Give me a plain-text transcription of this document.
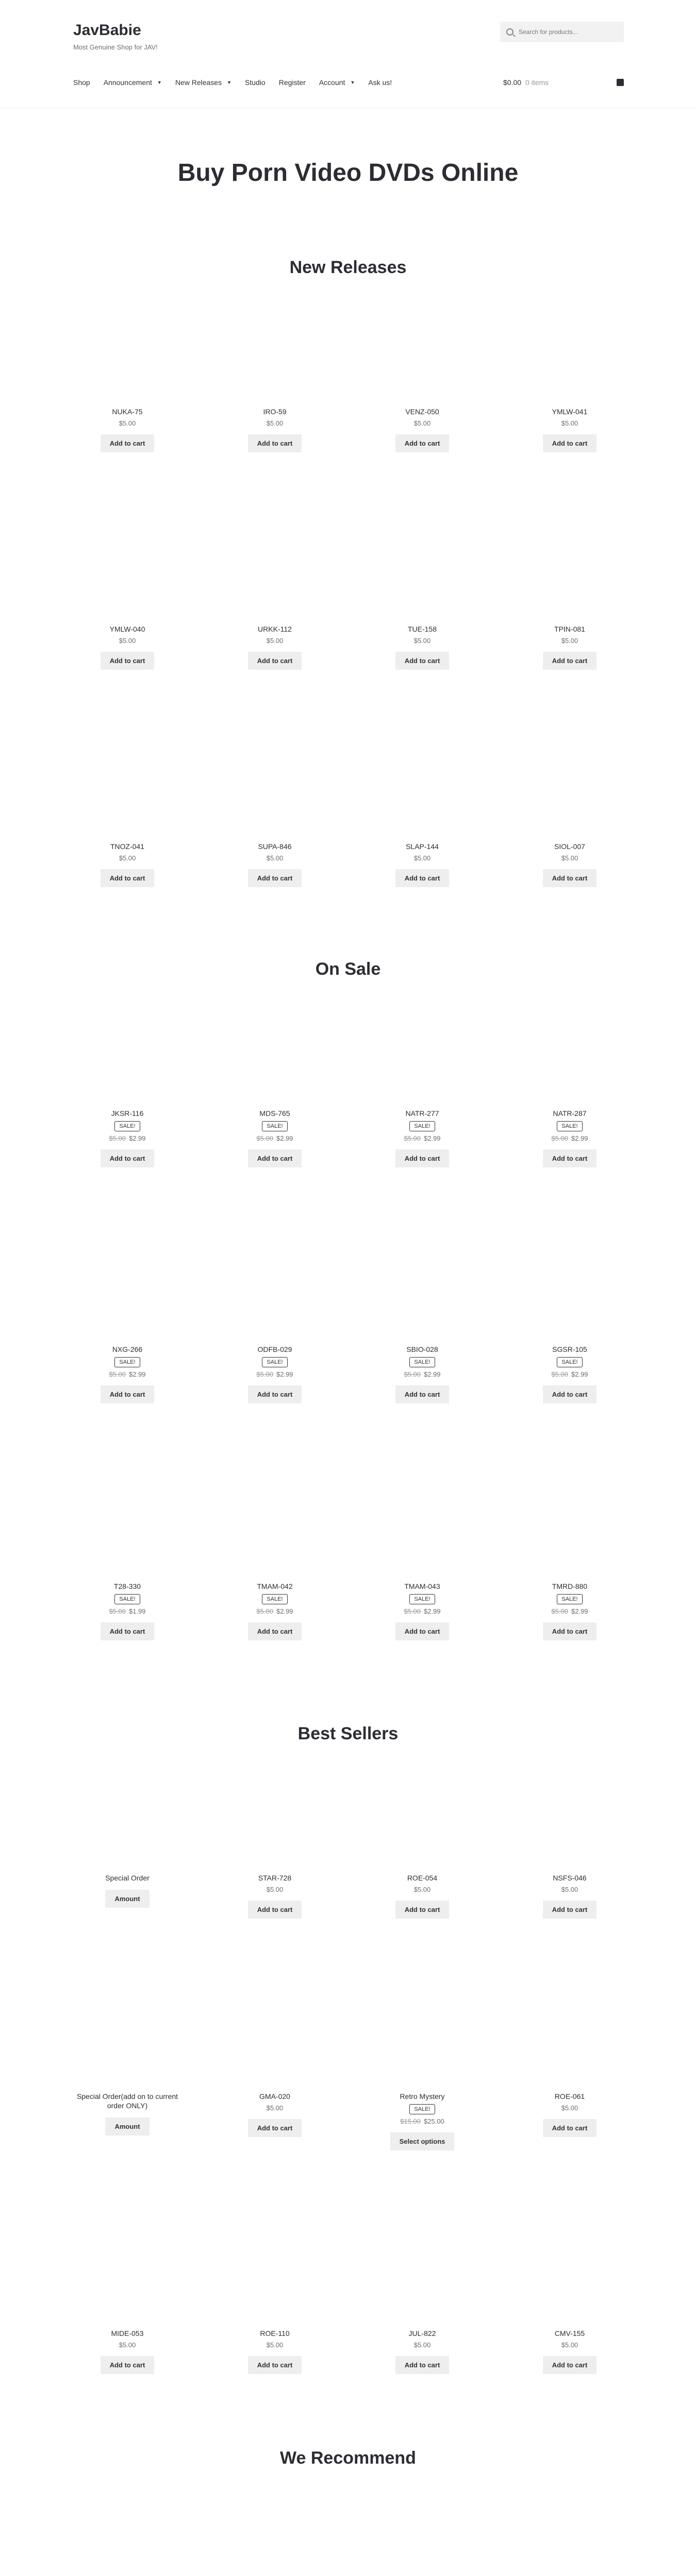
JavBabie
Most Genuine Shop for JAV!
Search for products...
Shop Announcement ▼ New Releases ▼ Studio Register Account ▼ Ask us!	$0.00 0 items
Buy Porn Video DVDs Online
New Releases
NUKA-75
$5.00
Add to cart
IRO-59
$5.00
Add to cart
VENZ-050
$5.00
Add to cart
YMLW-041
$5.00
Add to cart
YMLW-040
$5.00
Add to cart
URKK-112
$5.00
Add to cart
TUE-158
$5.00
Add to cart
TPIN-081
$5.00
Add to cart
TNOZ-041
$5.00
Add to cart
SUPA-846
$5.00
Add to cart
SLAP-144
$5.00
Add to cart
SIOL-007
$5.00
Add to cart
On Sale
JKSR-116
SALE!
$5.00 $2.99
Add to cart
MDS-765
SALE!
$5.00 $2.99
Add to cart
NATR-277
SALE!
$5.00 $2.99
Add to cart
NATR-287
SALE!
$5.00 $2.99
Add to cart
NXG-266
SALE!
$5.00 $2.99
Add to cart
ODFB-029
SALE!
$5.00 $2.99
Add to cart
SBIO-028
SALE!
$5.00 $2.99
Add to cart
SGSR-105
SALE!
$5.00 $2.99
Add to cart
T28-330
SALE!
$5.00 $1.99
Add to cart
TMAM-042
SALE!
$5.00 $2.99
Add to cart
TMAM-043
SALE!
$5.00 $2.99
Add to cart
TMRD-880
SALE!
$5.00 $2.99
Add to cart
Best Sellers
Special Order
Amount
STAR-728
$5.00
Add to cart
ROE-054
$5.00
Add to cart
NSFS-046
$5.00
Add to cart
Special Order(add on to current order ONLY)
Amount
GMA-020
$5.00
Add to cart
Retro Mystery
SALE!
$15.00 $25.00
Select options
ROE-061
$5.00
Add to cart
MIDE-053
$5.00
Add to cart
ROE-110
$5.00
Add to cart
JUL-822
$5.00
Add to cart
CMV-155
$5.00
Add to cart
We Recommend
